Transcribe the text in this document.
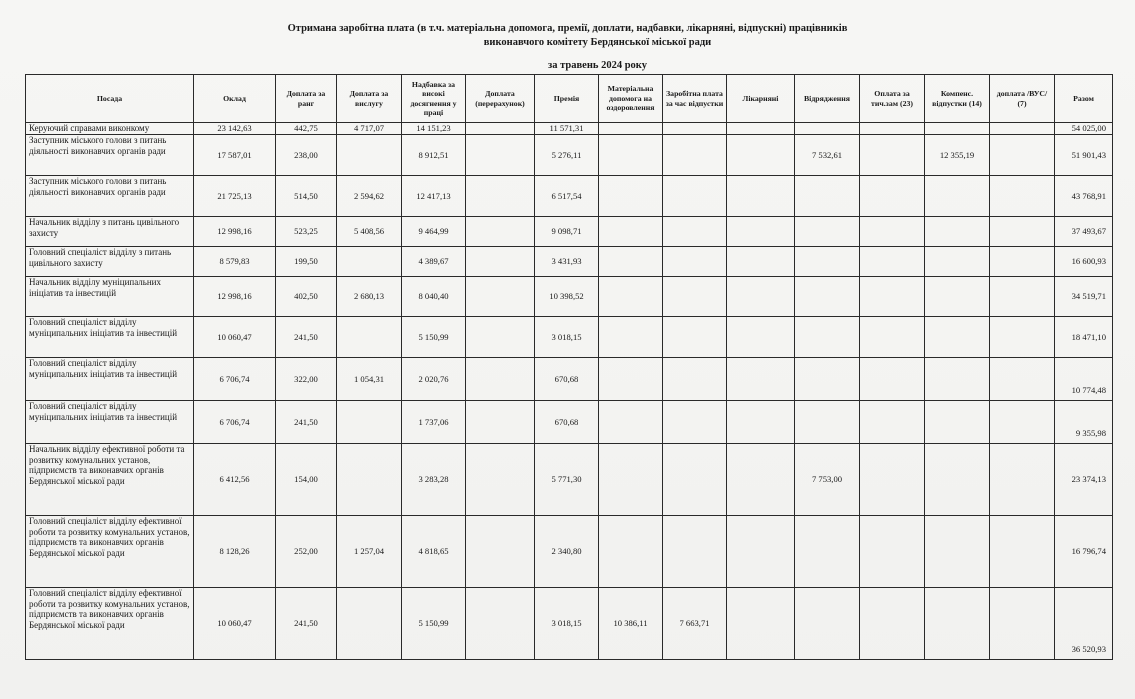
Отримана заробітна плата (в т.ч. матеріальна допомога, премії, доплати, надбавки, лікарняні, відпускні) працівників
виконавчого комітету Бердянської міської ради
за травень 2024 року
Посада	Оклад	Доплата за ранг	Доплата за вислугу	Надбавка за високі досягнення у праці	Доплата (перерахунок)	Премія	Матеріальна допомога на оздоровлення	Заробітна плата за час відпустки	Лікарняні	Відрядження	Оплата за тич.зам (23)	Компенс. відпустки (14)	доплата /ВУС/ (7)	Разом
Керуючий справами виконкому	23 142,63	442,75	4 717,07	14 151,23		11 571,31								54 025,00
Заступник міського голови з питань діяльності виконавчих органів ради	17 587,01	238,00		8 912,51		5 276,11				7 532,61		12 355,19		51 901,43
Заступник міського голови з питань діяльності виконавчих органів ради	21 725,13	514,50	2 594,62	12 417,13		6 517,54								43 768,91
Начальник відділу з питань цивільного захисту	12 998,16	523,25	5 408,56	9 464,99		9 098,71								37 493,67
Головний спеціаліст відділу з питань цивільного захисту	8 579,83	199,50		4 389,67		3 431,93								16 600,93
Начальник відділу муніципальних ініціатив та інвестицій	12 998,16	402,50	2 680,13	8 040,40		10 398,52								34 519,71
Головний спеціаліст відділу муніципальних ініціатив та інвестицій	10 060,47	241,50		5 150,99		3 018,15								18 471,10
Головний спеціаліст відділу муніципальних ініціатив та інвестицій	6 706,74	322,00	1 054,31	2 020,76		670,68								10 774,48
Головний спеціаліст відділу муніципальних ініціатив та інвестицій	6 706,74	241,50		1 737,06		670,68								9 355,98
Начальник відділу ефективної роботи та розвитку комунальних установ, підприємств та виконавчих органів Бердянської міської ради	6 412,56	154,00		3 283,28		5 771,30				7 753,00				23 374,13
Головний спеціаліст відділу ефективної роботи та розвитку комунальних установ, підприємств та виконавчих органів Бердянської міської ради	8 128,26	252,00	1 257,04	4 818,65		2 340,80								16 796,74
Головний спеціаліст відділу ефективної роботи та розвитку комунальних установ, підприємств та виконавчих органів Бердянської міської ради	10 060,47	241,50		5 150,99		3 018,15	10 386,11	7 663,71						36 520,93
